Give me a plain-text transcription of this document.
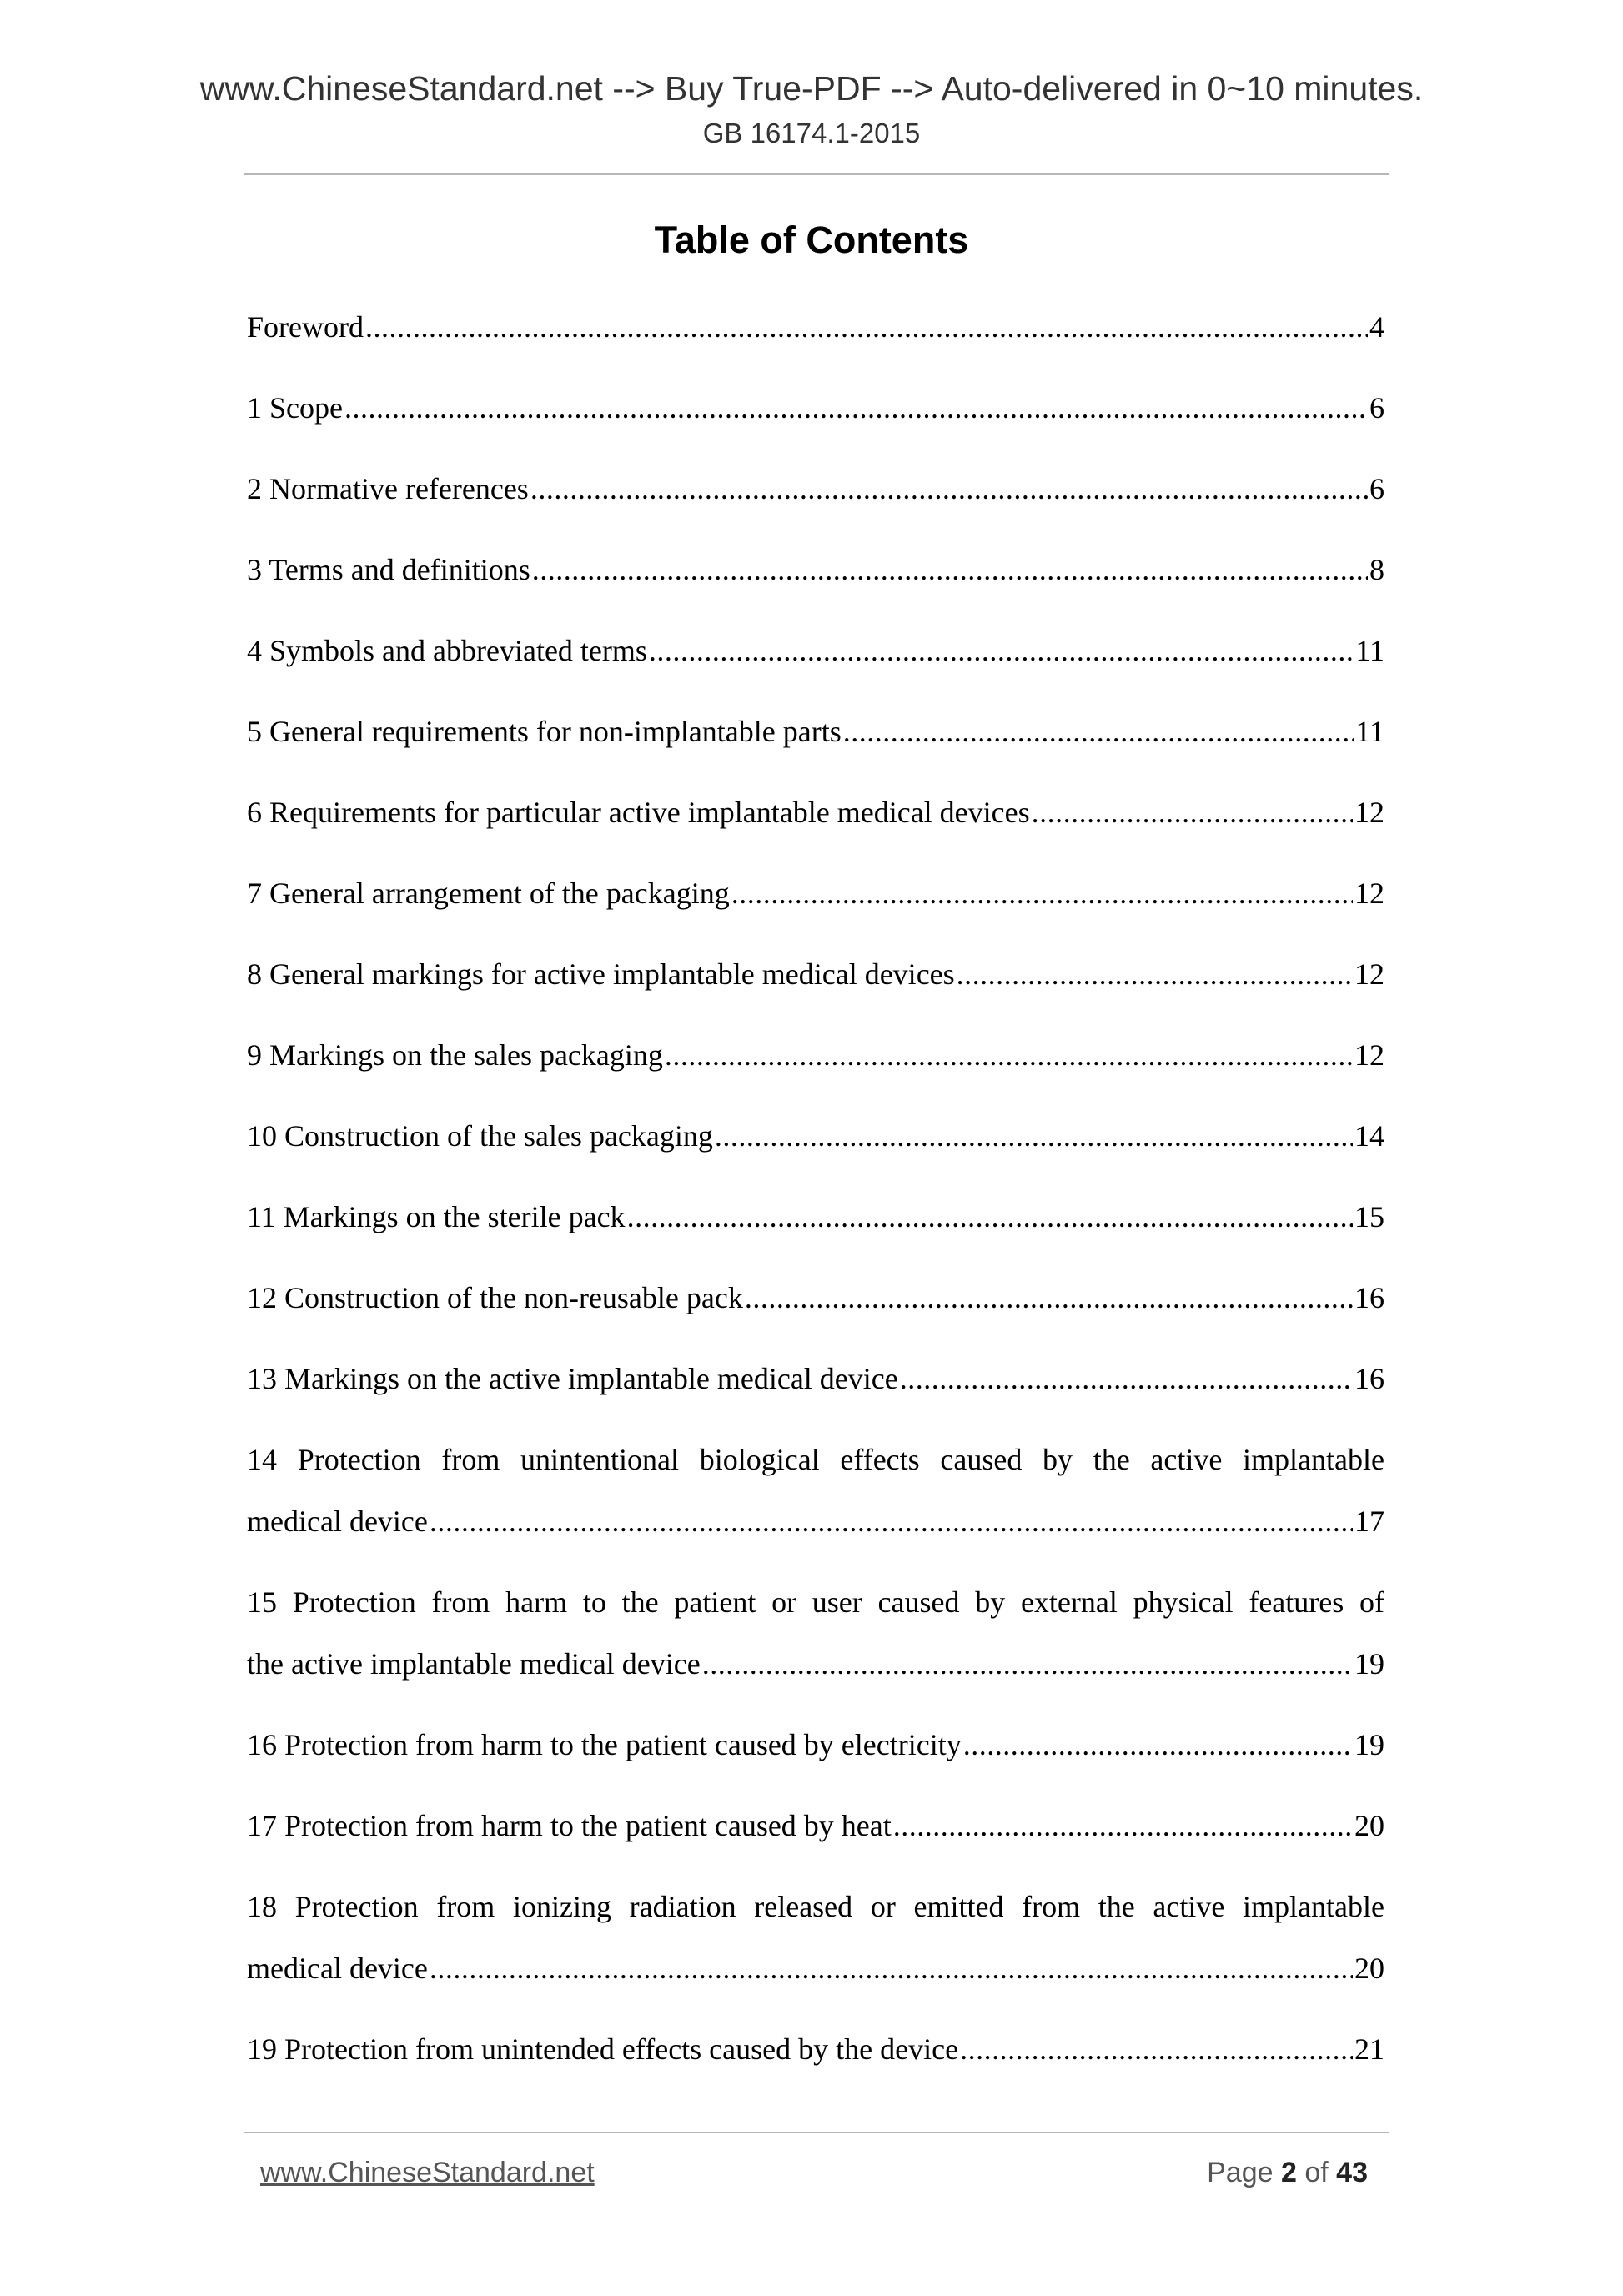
www.ChineseStandard.net --> Buy True-PDF --> Auto-delivered in 0~10 minutes.
GB 16174.1-2015
Table of Contents
Foreword .....	4
1 Scope .....	6
2 Normative references .....	6
3 Terms and definitions .....	8
4 Symbols and abbreviated terms .....	11
5 General requirements for non-implantable parts .....	11
6 Requirements for particular active implantable medical devices .....	12
7 General arrangement of the packaging .....	12
8 General markings for active implantable medical devices .....	12
9 Markings on the sales packaging .....	12
10 Construction of the sales packaging .....	14
11 Markings on the sterile pack .....	15
12 Construction of the non-reusable pack .....	16
13 Markings on the active implantable medical device .....	16
14 Protection from unintentional biological effects caused by the active implantable
medical device .....	17
15 Protection from harm to the patient or user caused by external physical features of
the active implantable medical device .....	19
16 Protection from harm to the patient caused by electricity .....	19
17 Protection from harm to the patient caused by heat .....	20
18 Protection from ionizing radiation released or emitted from the active implantable
medical device .....	20
19 Protection from unintended effects caused by the device .....	21
www.ChineseStandard.net	Page 2 of 43
